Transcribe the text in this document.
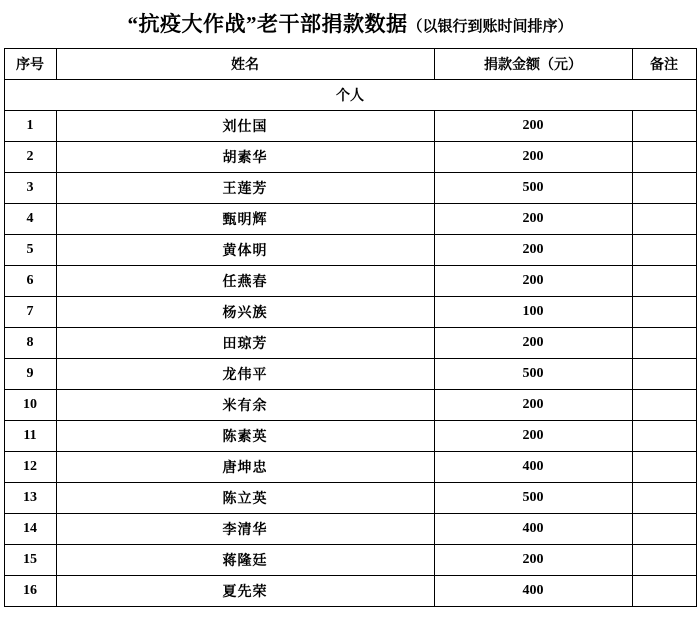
“抗疫大作战”老干部捐款数据（以银行到账时间排序）
序号	姓名	捐款金额（元）	备注
个人			
1	刘仕国	200	
2	胡素华	200	
3	王莲芳	500	
4	甄明辉	200	
5	黄体明	200	
6	任燕春	200	
7	杨兴族	100	
8	田琼芳	200	
9	龙伟平	500	
10	米有余	200	
11	陈素英	200	
12	唐坤忠	400	
13	陈立英	500	
14	李清华	400	
15	蒋隆廷	200	
16	夏先荣	400	
